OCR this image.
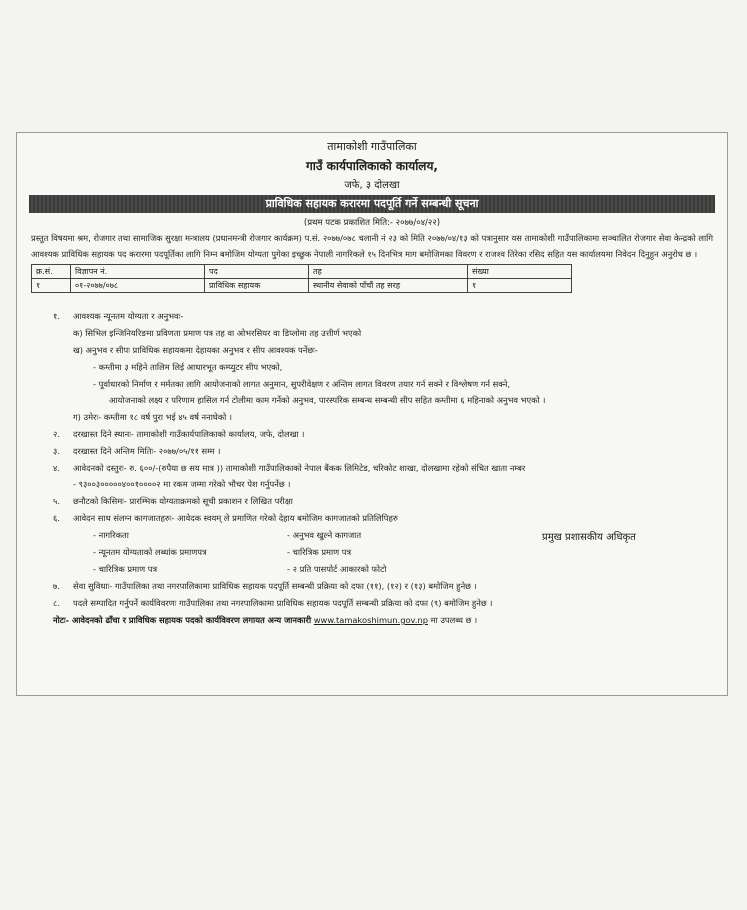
तामाकोशी गाउँपालिका
गाउँ कार्यपालिकाको कार्यालय,
जफे, ३ दोलखा
प्राविधिक सहायक करारमा पदपूर्ति गर्ने सम्बन्धी सूचना
(प्रथम पटक प्रकाशित मिति:- २०७७/०४/२२)
प्रस्तुत विषयमा श्रम, रोजगार तथा सामाजिक सुरक्षा मन्त्रालय (प्रधानमन्त्री रोजगार कार्यक्रम) प.सं. २०७७/०७८ चलानी नं २३ को मिति २०७७/०४/१३ को पत्रानुसार यस तामाकोशी गाउँपालिकामा सञ्चालित रोजगार सेवा केन्द्रको लागि आवश्यक प्राविधिक सहायक पद करारमा पदपूर्तिका लागि निम्न बमोजिम योग्यता पुगेका इच्छुक नेपाली नागरिकले १५ दिनभित्र माग बमोजिमका विवरण र राजश्व तिरेका रसिद सहित यस कार्यालयमा निवेदन दिनुहुन अनुरोध छ ।
क्र.सं.	विज्ञापन नं.	पद	तह	संख्या
१	०१-२०७७/०७८	प्राविधिक सहायक	स्थानीय सेवाको पाँचौं तह सरह	१
१. आवश्यक न्यूनतम योग्यता र अनुभवः-
क) सिभिल इन्जिनियरिङमा प्रविणता प्रमाण पत्र तह वा ओभरसियर वा डिप्लोमा तह उत्तीर्ण भएको
ख) अनुभव र सीपः प्राविधिक सहायकमा देहायका अनुभव र सीप आवश्यक पर्नेछः-
- कम्तीमा ३ महिने तालिम लिई आधारभूत कम्प्युटर सीप भएको,
- पूर्वाधारको निर्माण र मर्मतका लागि आयोजनाको लागत अनुमान, सुपरीवेक्षण र अन्तिम लागत विवरण तयार गर्न सक्ने र विश्लेषण गर्न सक्ने,
आयोजनाको लक्ष्य र परिणाम हासिल गर्न टोलीमा काम गर्नेको अनुभव, पारस्परिक सम्बन्ध सम्बन्धी सीप सहित कम्तीमा ६ महिनाको अनुभव भएको ।
ग) उमेरः- कम्तीमा १८ वर्ष पुरा भई ४५ वर्ष ननाघेको ।
२. दरखास्त दिने स्थानः- तामाकोशी गाउँकार्यपालिकाको कार्यालय, जफे, दोलखा ।
३. दरखास्त दिने अन्तिम मितिः- २०७७/०५/११ सम्म ।
४. आवेदनको दस्तुरः- रु. ६००/-(रुपैया छ सय मात्र )) तामाकोशी गाउँपालिकाको नेपाल बैंकक लिमिटेड, चरिकोट शाखा, दोलखामा रहेको संचित खाता नम्बर
- ९३००३०००००४००१००००२ मा रकम जम्मा गरेको भौचर पेश गर्नुपर्नेछ ।
५. छनौटको किसिमः- प्रारम्भिक योग्यताक्रमको सूची प्रकाशन र लिखित परीक्षा
६. आवेदन साथ संलग्न कागजातहरुः- आवेदक स्वयम् ले प्रमाणित गरेको देहाय बमोजिम कागजातको प्रतिलिपिहरु
- नागरिकता	- अनुभव खुल्ने कागजात
- न्यूनतम योग्यताको लब्धांक प्रमाणपत्र	- चारित्रिक प्रमाण पत्र
- चारित्रिक प्रमाण पत्र	- २ प्रति पासपोर्ट आकारको फोटो
७. सेवा सुविधाः- गाउँपालिका तथा नगरपालिकामा प्राविधिक सहायक पदपूर्ति सम्बन्धी प्रक्रिया को दफा (११), (१२) र (१३) बमोजिम हुनेछ ।
८. पदले सम्पादित गर्नुपर्ने कार्यविवरणः गाउँपालिका तथा नगरपालिकामा प्राविधिक सहायक पदपूर्ति सम्बन्धी प्रक्रिया को दफा (९) बमोजिम हुनेछ ।
नोटः- आवेदनको ढाँचा र प्राविधिक सहायक पदको कार्यविवरण लगायत अन्य जानकारी www.tamakoshimun.gov.np मा उपलब्ध छ ।
प्रमुख प्रशासकीय अधिकृत
